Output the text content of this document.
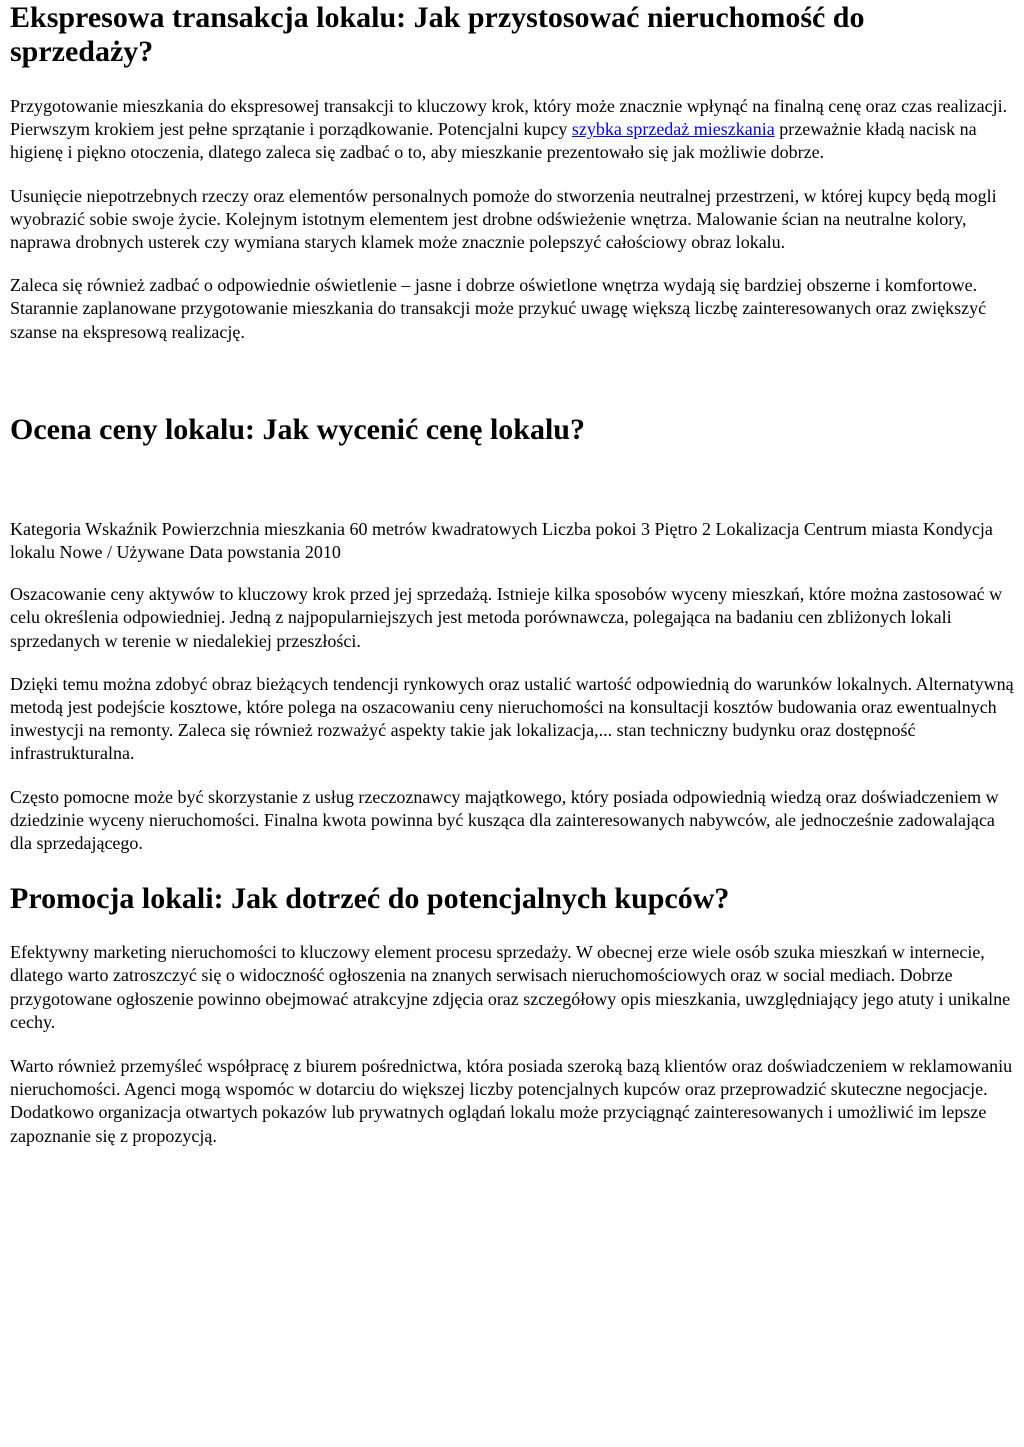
Ekspresowa transakcja lokalu: Jak przystosować nieruchomość do sprzedaży?

Przygotowanie mieszkania do ekspresowej transakcji to kluczowy krok, który może znacznie wpłynąć na finalną cenę oraz czas realizacji. Pierwszym krokiem jest pełne sprzątanie i porządkowanie. Potencjalni kupcy szybka sprzedaż mieszkania przeważnie kładą nacisk na higienę i piękno otoczenia, dlatego zaleca się zadbać o to, aby mieszkanie prezentowało się jak możliwie dobrze.

Usunięcie niepotrzebnych rzeczy oraz elementów personalnych pomoże do stworzenia neutralnej przestrzeni, w której kupcy będą mogli wyobrazić sobie swoje życie. Kolejnym istotnym elementem jest drobne odświeżenie wnętrza. Malowanie ścian na neutralne kolory, naprawa drobnych usterek czy wymiana starych klamek może znacznie polepszyć całościowy obraz lokalu.

Zaleca się również zadbać o odpowiednie oświetlenie – jasne i dobrze oświetlone wnętrza wydają się bardziej obszerne i komfortowe. Starannie zaplanowane przygotowanie mieszkania do transakcji może przykuć uwagę większą liczbę zainteresowanych oraz zwiększyć szanse na ekspresową realizację.

Ocena ceny lokalu: Jak wycenić cenę lokalu?

Kategoria Wskaźnik Powierzchnia mieszkania 60 metrów kwadratowych Liczba pokoi 3 Piętro 2 Lokalizacja Centrum miasta Kondycja lokalu Nowe / Używane Data powstania 2010

Oszacowanie ceny aktywów to kluczowy krok przed jej sprzedażą. Istnieje kilka sposobów wyceny mieszkań, które można zastosować w celu określenia odpowiedniej. Jedną z najpopularniejszych jest metoda porównawcza, polegająca na badaniu cen zbliżonych lokali sprzedanych w terenie w niedalekiej przeszłości.

Dzięki temu można zdobyć obraz bieżących tendencji rynkowych oraz ustalić wartość odpowiednią do warunków lokalnych. Alternatywną metodą jest podejście kosztowe, które polega na oszacowaniu ceny nieruchomości na konsultacji kosztów budowania oraz ewentualnych inwestycji na remonty. Zaleca się również rozważyć aspekty takie jak lokalizacja,... stan techniczny budynku oraz dostępność infrastrukturalna.

Często pomocne może być skorzystanie z usług rzeczoznawcy majątkowego, który posiada odpowiednią wiedzą oraz doświadczeniem w dziedzinie wyceny nieruchomości. Finalna kwota powinna być kusząca dla zainteresowanych nabywców, ale jednocześnie zadowalająca dla sprzedającego.

Promocja lokali: Jak dotrzeć do potencjalnych kupców?

Efektywny marketing nieruchomości to kluczowy element procesu sprzedaży. W obecnej erze wiele osób szuka mieszkań w internecie, dlatego warto zatroszczyć się o widoczność ogłoszenia na znanych serwisach nieruchomościowych oraz w social mediach. Dobrze przygotowane ogłoszenie powinno obejmować atrakcyjne zdjęcia oraz szczegółowy opis mieszkania, uwzględniający jego atuty i unikalne cechy.

Warto również przemyśleć współpracę z biurem pośrednictwa, która posiada szeroką bazą klientów oraz doświadczeniem w reklamowaniu nieruchomości. Agenci mogą wspomóc w dotarciu do większej liczby potencjalnych kupców oraz przeprowadzić skuteczne negocjacje. Dodatkowo organizacja otwartych pokazów lub prywatnych oglądań lokalu może przyciągnąć zainteresowanych i umożliwić im lepsze zapoznanie się z propozycją.
